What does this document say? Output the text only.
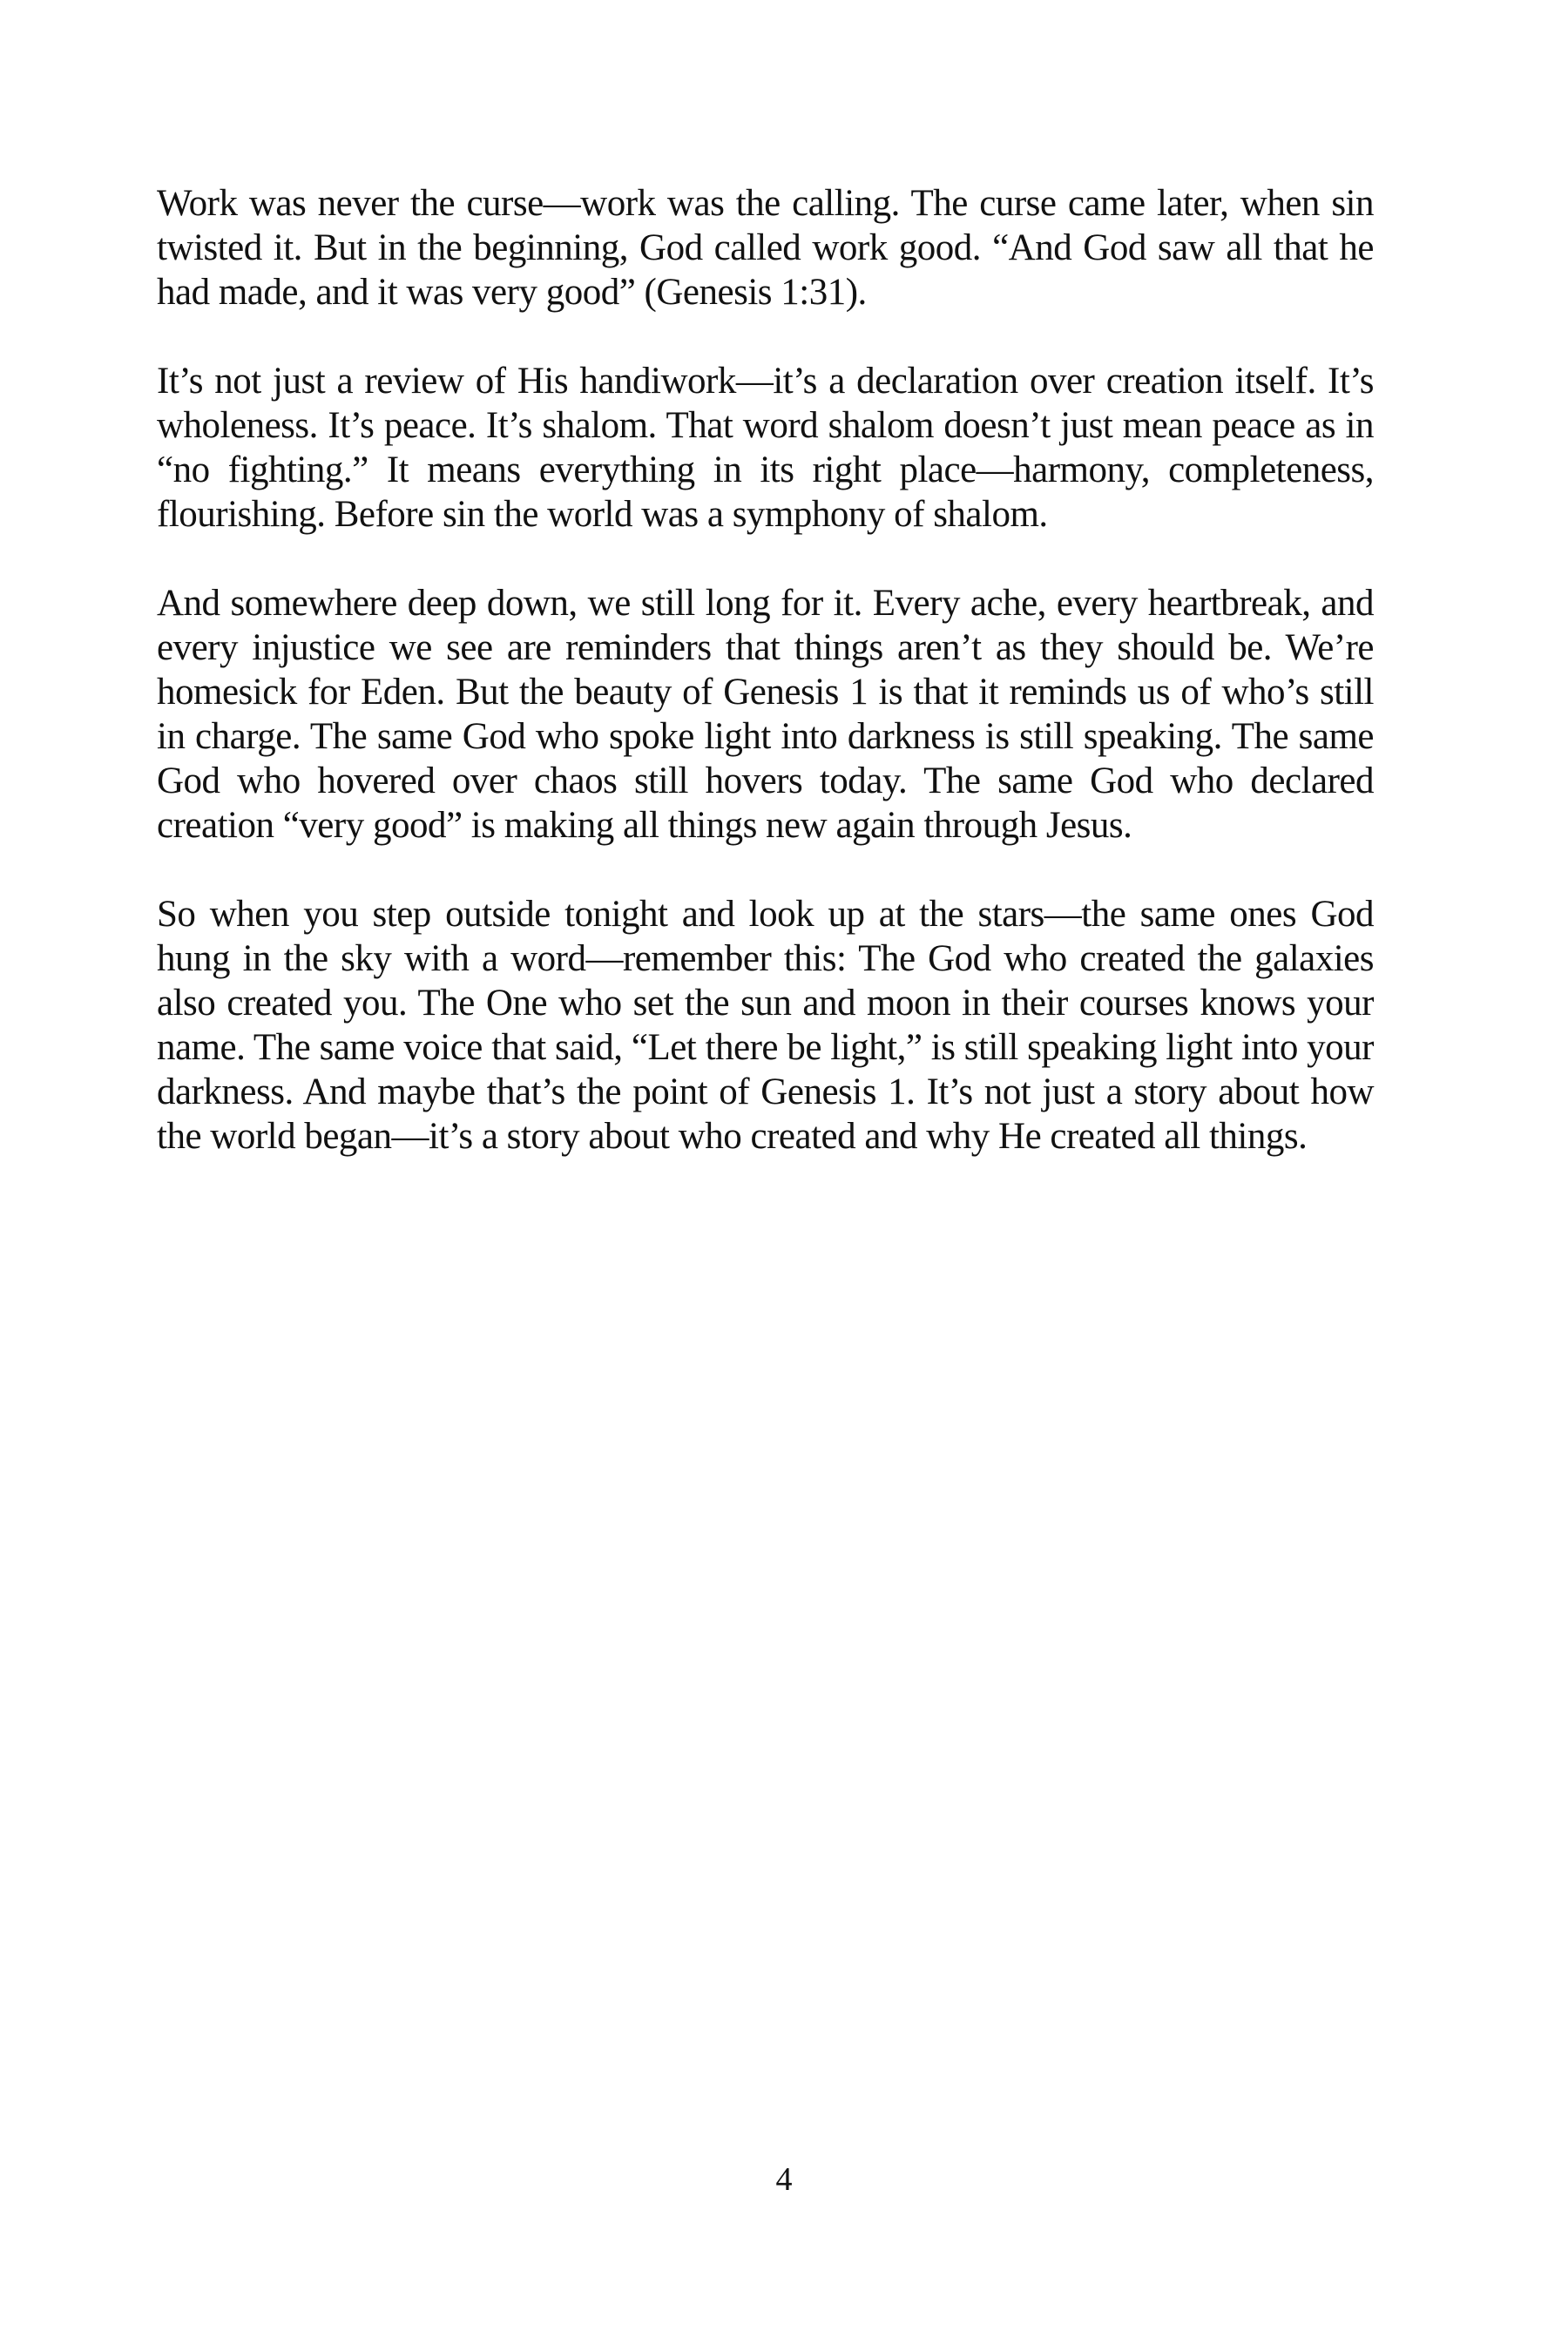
Work was never the curse—work was the calling. The curse came later, when sin twisted it. But in the beginning, God called work good. “And God saw all that he had made, and it was very good” (Genesis 1:31).

It’s not just a review of His handiwork—it’s a declaration over creation itself. It’s wholeness. It’s peace. It’s shalom. That word shalom doesn’t just mean peace as in “no fighting.” It means everything in its right place—harmony, completeness, flourishing. Before sin the world was a symphony of shalom.

And somewhere deep down, we still long for it. Every ache, every heartbreak, and every injustice we see are reminders that things aren’t as they should be. We’re homesick for Eden. But the beauty of Genesis 1 is that it reminds us of who’s still in charge. The same God who spoke light into darkness is still speaking. The same God who hovered over chaos still hovers today. The same God who declared creation “very good” is making all things new again through Jesus.

So when you step outside tonight and look up at the stars—the same ones God hung in the sky with a word—remember this: The God who created the galaxies also created you. The One who set the sun and moon in their courses knows your name. The same voice that said, “Let there be light,” is still speaking light into your darkness. And maybe that’s the point of Genesis 1. It’s not just a story about how the world began—it’s a story about who created and why He created all things.

4
